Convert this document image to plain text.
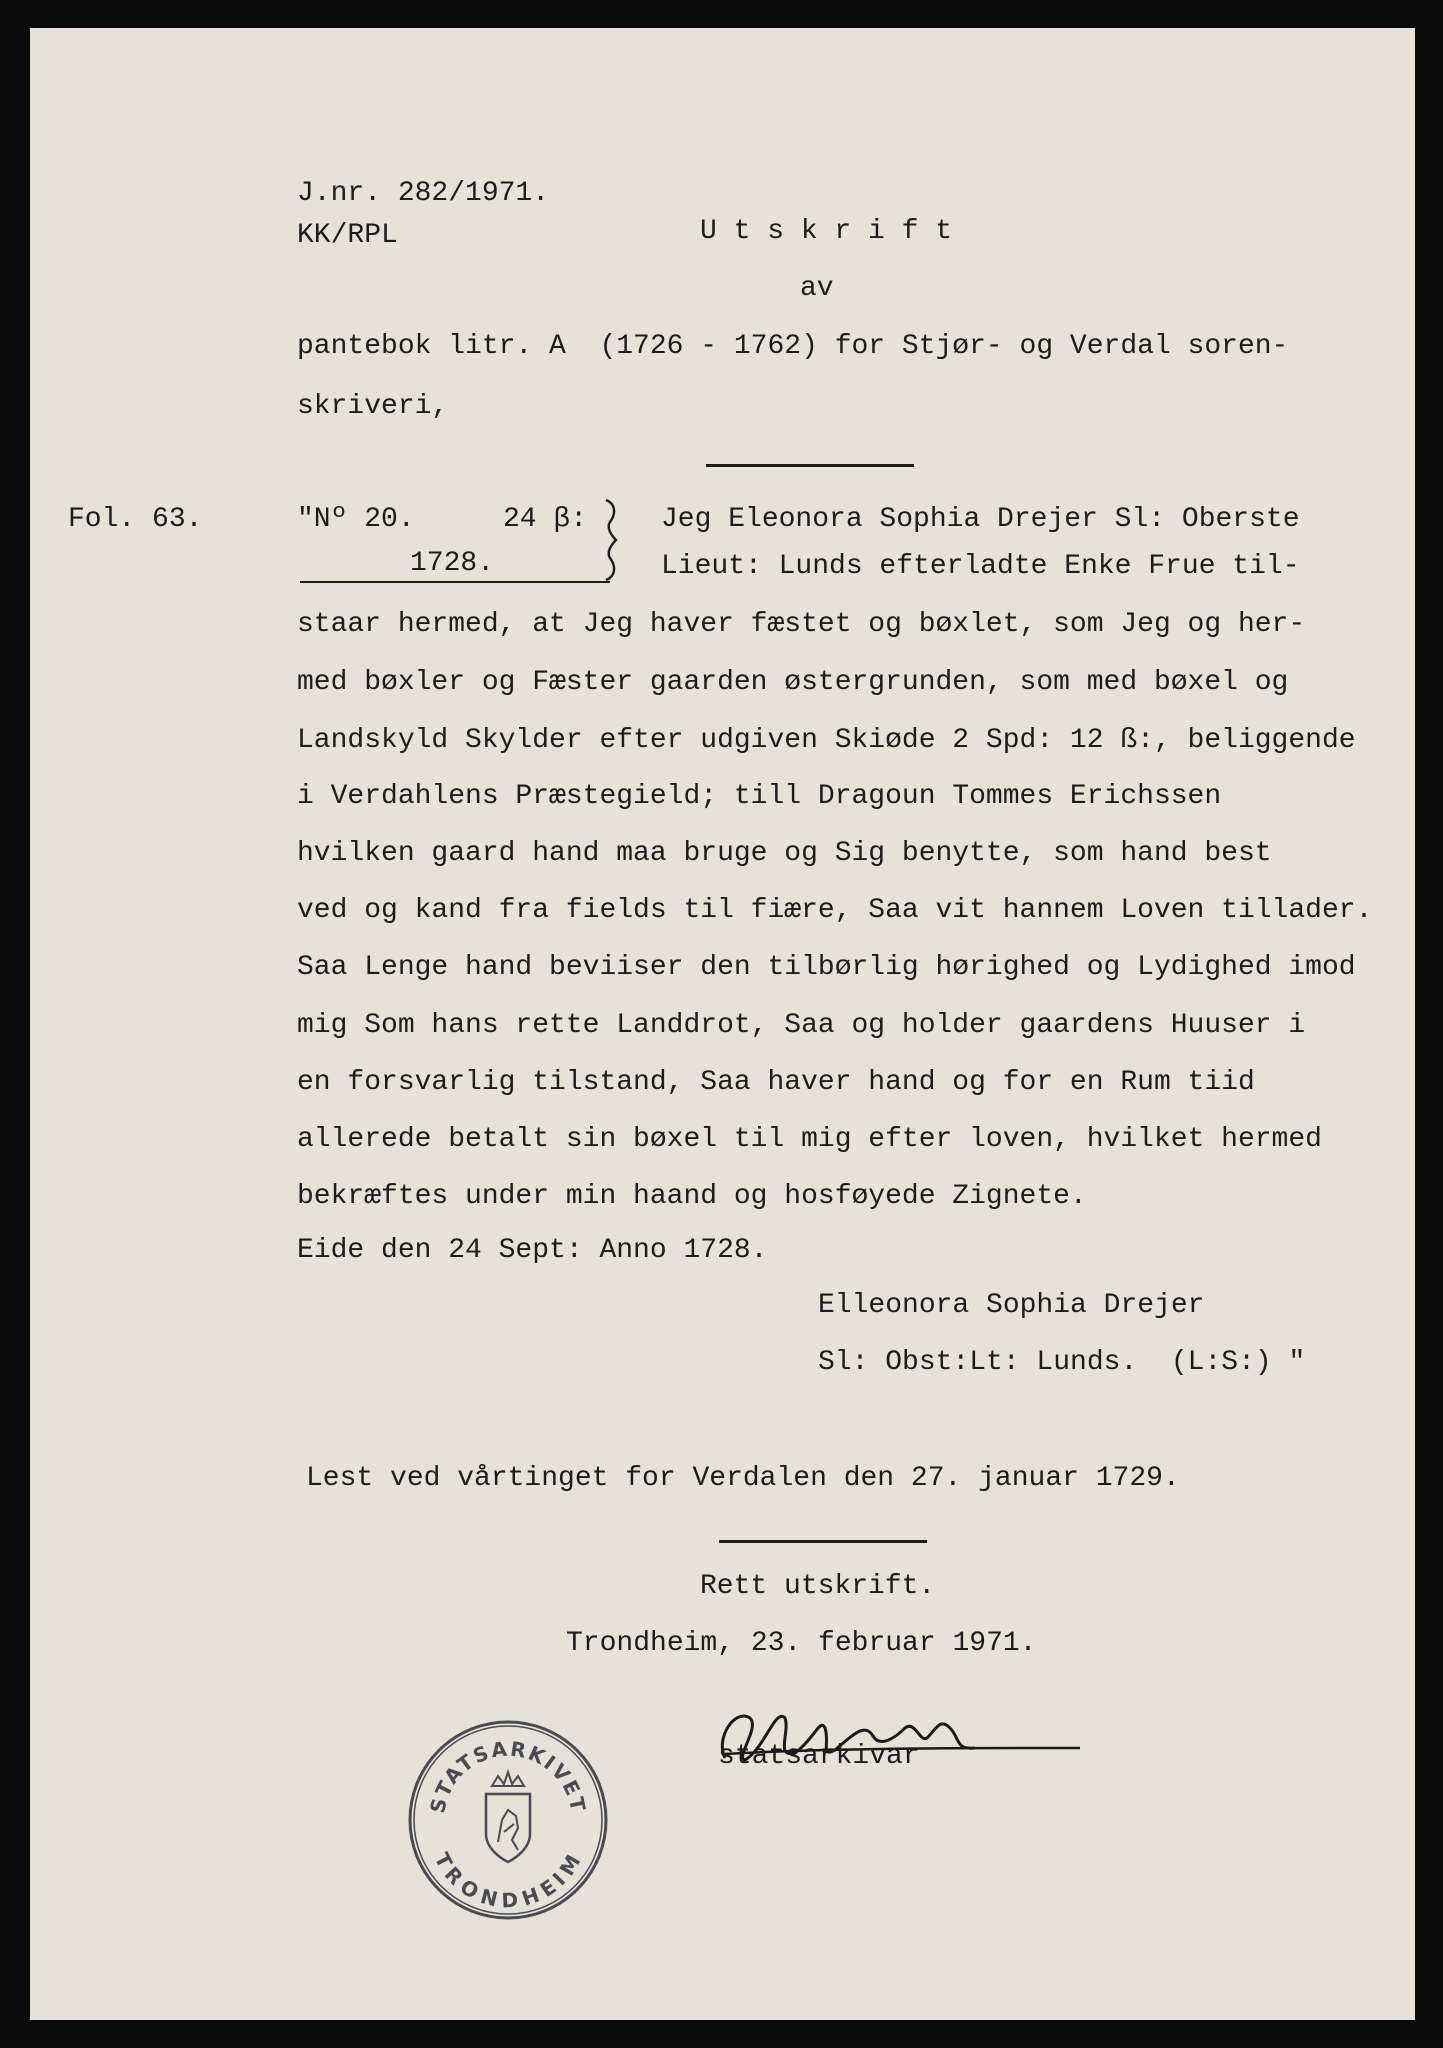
J.nr. 282/1971.
KK/RPL	U t s k r i f t
av
pantebok litr. A  (1726 - 1762) for Stjør- og Verdal soren-
skriveri,
Fol. 63.	"Nº 20.	24 β:
1728.
Jeg Eleonora Sophia Drejer Sl: Oberste
Lieut: Lunds efterladte Enke Frue til-
staar hermed, at Jeg haver fæstet og bøxlet, som Jeg og her-
med bøxler og Fæster gaarden østergrunden, som med bøxel og
Landskyld Skylder efter udgiven Skiøde 2 Spd: 12 ß:, beliggende
i Verdahlens Præstegield; till Dragoun Tommes Erichssen
hvilken gaard hand maa bruge og Sig benytte, som hand best
ved og kand fra fields til fiære, Saa vit hannem Loven tillader.
Saa Lenge hand beviiser den tilbørlig hørighed og Lydighed imod
mig Som hans rette Landdrot, Saa og holder gaardens Huuser i
en forsvarlig tilstand, Saa haver hand og for en Rum tiid
allerede betalt sin bøxel til mig efter loven, hvilket hermed
bekræftes under min haand og hosføyede Zignete.
Eide den 24 Sept: Anno 1728.
Elleonora Sophia Drejer
Sl: Obst:Lt: Lunds.  (L:S:) "
Lest ved vårtinget for Verdalen den 27. januar 1729.
Rett utskrift.
Trondheim, 23. februar 1971.
statsarkivar
STATSARKIVET
TRONDHEIM
